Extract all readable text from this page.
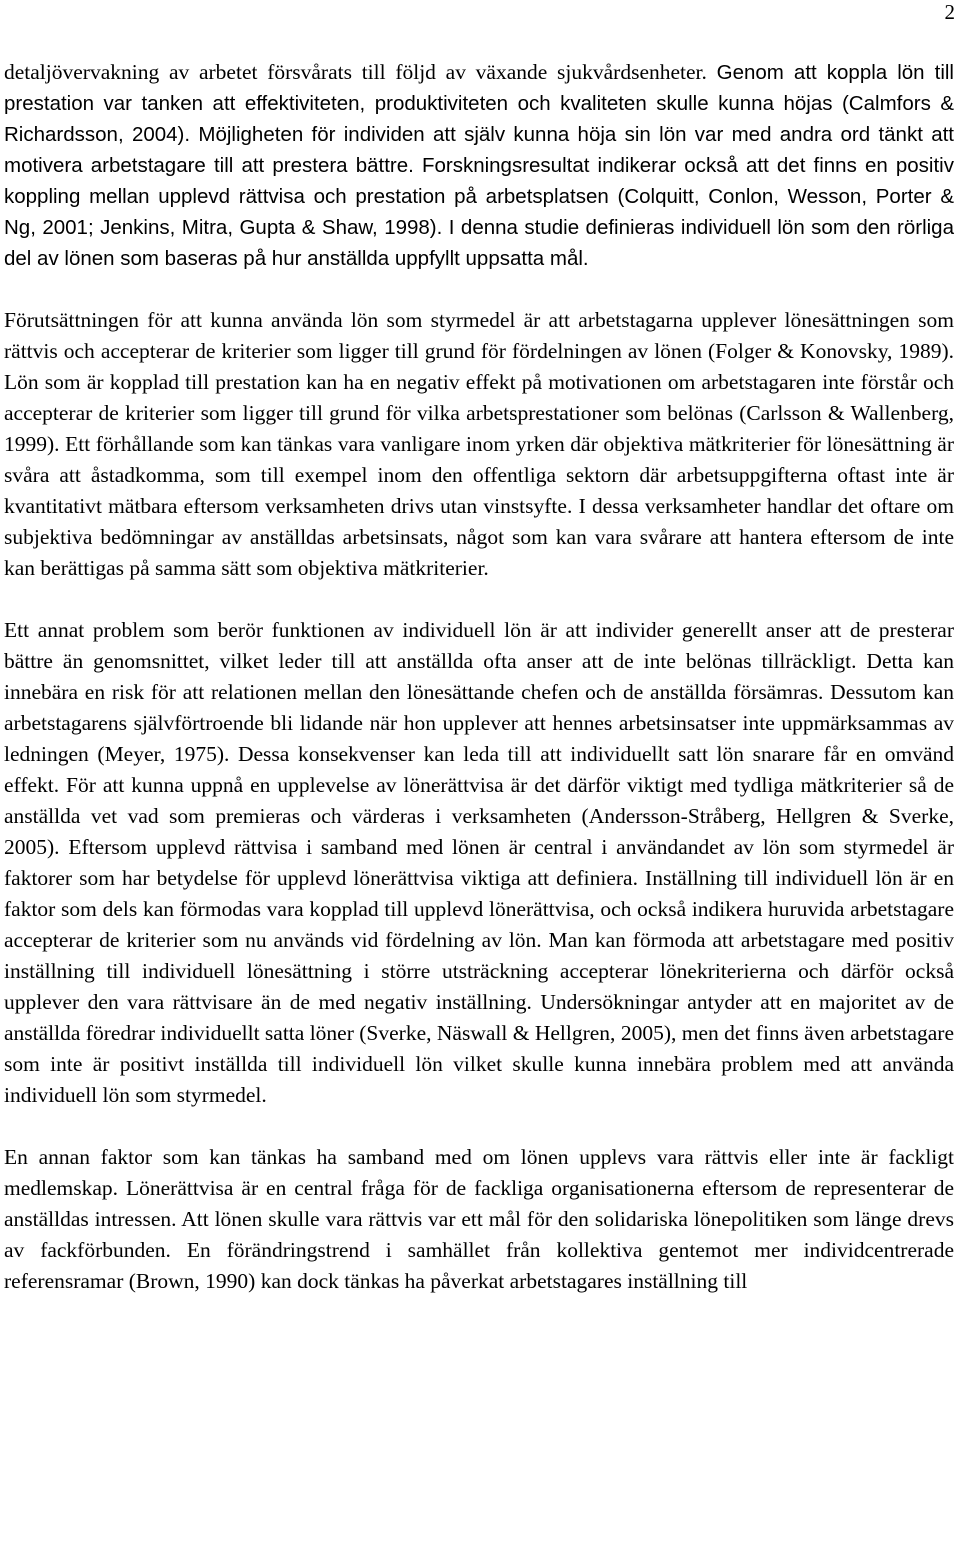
2

detaljövervakning av arbetet försvårats till följd av växande sjukvårdsenheter. Genom att koppla lön till prestation var tanken att effektiviteten, produktiviteten och kvaliteten skulle kunna höjas (Calmfors & Richardsson, 2004). Möjligheten för individen att själv kunna höja sin lön var med andra ord tänkt att motivera arbetstagare till att prestera bättre. Forskningsresultat indikerar också att det finns en positiv koppling mellan upplevd rättvisa och prestation på arbetsplatsen (Colquitt, Conlon, Wesson, Porter & Ng, 2001; Jenkins, Mitra, Gupta & Shaw, 1998). I denna studie definieras individuell lön som den rörliga del av lönen som baseras på hur anställda uppfyllt uppsatta mål.

Förutsättningen för att kunna använda lön som styrmedel är att arbetstagarna upplever lönesättningen som rättvis och accepterar de kriterier som ligger till grund för fördelningen av lönen (Folger & Konovsky, 1989). Lön som är kopplad till prestation kan ha en negativ effekt på motivationen om arbetstagaren inte förstår och accepterar de kriterier som ligger till grund för vilka arbetsprestationer som belönas (Carlsson & Wallenberg, 1999). Ett förhållande som kan tänkas vara vanligare inom yrken där objektiva mätkriterier för lönesättning är svåra att åstadkomma, som till exempel inom den offentliga sektorn där arbetsuppgifterna oftast inte är kvantitativt mätbara eftersom verksamheten drivs utan vinstsyfte. I dessa verksamheter handlar det oftare om subjektiva bedömningar av anställdas arbetsinsats, något som kan vara svårare att hantera eftersom de inte kan berättigas på samma sätt som objektiva mätkriterier.

Ett annat problem som berör funktionen av individuell lön är att individer generellt anser att de presterar bättre än genomsnittet, vilket leder till att anställda ofta anser att de inte belönas tillräckligt. Detta kan innebära en risk för att relationen mellan den lönesättande chefen och de anställda försämras. Dessutom kan arbetstagarens självförtroende bli lidande när hon upplever att hennes arbetsinsatser inte uppmärksammas av ledningen (Meyer, 1975). Dessa konsekvenser kan leda till att individuellt satt lön snarare får en omvänd effekt. För att kunna uppnå en upplevelse av lönerättvisa är det därför viktigt med tydliga mätkriterier så de anställda vet vad som premieras och värderas i verksamheten (Andersson-Stråberg, Hellgren & Sverke, 2005). Eftersom upplevd rättvisa i samband med lönen är central i användandet av lön som styrmedel är faktorer som har betydelse för upplevd lönerättvisa viktiga att definiera. Inställning till individuell lön är en faktor som dels kan förmodas vara kopplad till upplevd lönerättvisa, och också indikera huruvida arbetstagare accepterar de kriterier som nu används vid fördelning av lön. Man kan förmoda att arbetstagare med positiv inställning till individuell lönesättning i större utsträckning accepterar lönekriterierna och därför också upplever den vara rättvisare än de med negativ inställning. Undersökningar antyder att en majoritet av de anställda föredrar individuellt satta löner (Sverke, Näswall & Hellgren, 2005), men det finns även arbetstagare som inte är positivt inställda till individuell lön vilket skulle kunna innebära problem med att använda individuell lön som styrmedel.

En annan faktor som kan tänkas ha samband med om lönen upplevs vara rättvis eller inte är fackligt medlemskap. Lönerättvisa är en central fråga för de fackliga organisationerna eftersom de representerar de anställdas intressen. Att lönen skulle vara rättvis var ett mål för den solidariska lönepolitiken som länge drevs av fackförbunden. En förändringstrend i samhället från kollektiva gentemot mer individcentrerade referensramar (Brown, 1990) kan dock tänkas ha påverkat arbetstagares inställning till
